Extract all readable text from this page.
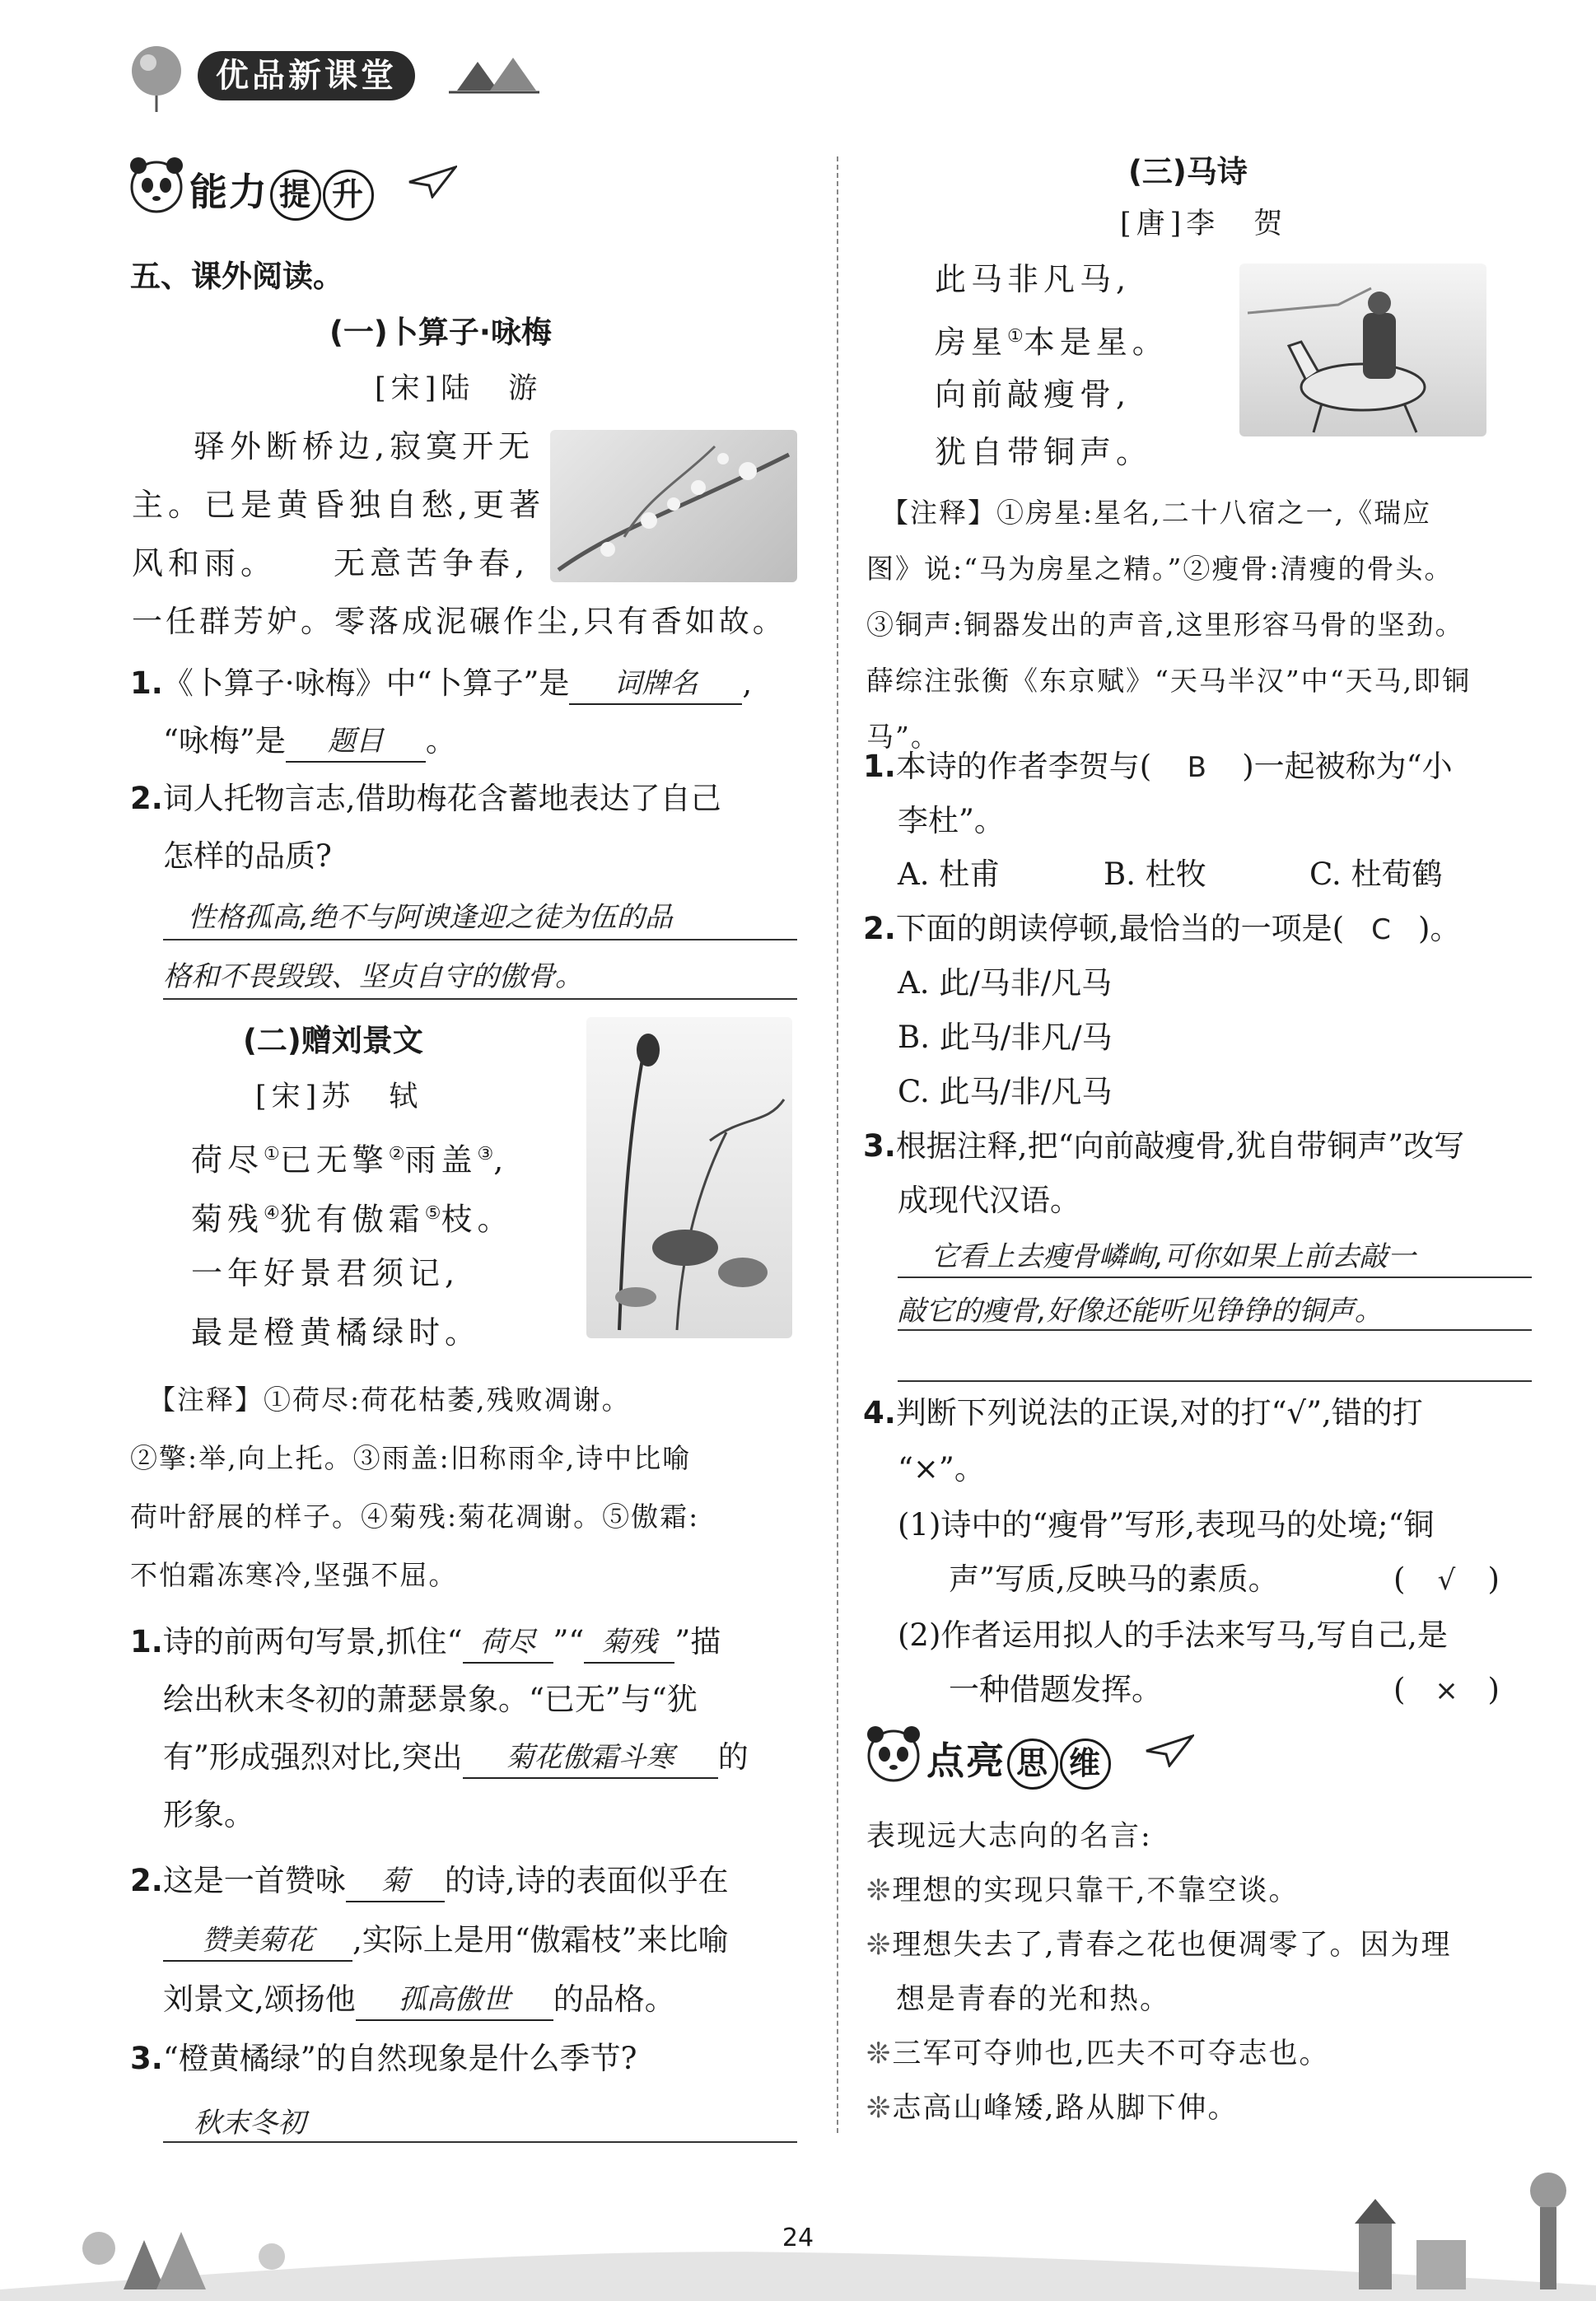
优品新课堂
能力 提 升
五、课外阅读。
(一)卜算子·咏梅
[宋]陆　游
驿外断桥边,寂寞开无
主。已是黄昏独自愁,更著
风和雨。　　无意苦争春,
一任群芳妒。零落成泥碾作尘,只有香如故。
1.《卜算子·咏梅》中“卜算子”是 词牌名 ,
“咏梅”是 题目 。
2.词人托物言志,借助梅花含蓄地表达了自己
怎样的品质?
性格孤高,绝不与阿谀逢迎之徒为伍的品
格和不畏毁毁、坚贞自守的傲骨。
(二)赠刘景文
[宋]苏　轼
荷尽①已无擎②雨盖③,
菊残④犹有傲霜⑤枝。
一年好景君须记,
最是橙黄橘绿时。
【注释】①荷尽:荷花枯萎,残败凋谢。
②擎:举,向上托。③雨盖:旧称雨伞,诗中比喻
荷叶舒展的样子。④菊残:菊花凋谢。⑤傲霜:
不怕霜冻寒冷,坚强不屈。
1.诗的前两句写景,抓住“ 荷尽 ”“ 菊残 ”描
绘出秋末冬初的萧瑟景象。“已无”与“犹
有”形成强烈对比,突出 菊花傲霜斗寒 的
形象。
2.这是一首赞咏 菊 的诗,诗的表面似乎在
赞美菊花 ,实际上是用“傲霜枝”来比喻
刘景文,颂扬他 孤高傲世 的品格。
3.“橙黄橘绿”的自然现象是什么季节?
秋末冬初
(三)马诗
[唐]李　贺
此马非凡马,
房星①本是星。
向前敲瘦骨,
犹自带铜声。
【注释】①房星:星名,二十八宿之一,《瑞应
图》说:“马为房星之精。”②瘦骨:清瘦的骨头。
③铜声:铜器发出的声音,这里形容马骨的坚劲。
薛综注张衡《东京赋》“天马半汉”中“天马,即铜
马”。
1.本诗的作者李贺与( B )一起被称为“小
李杜”。
A. 杜甫	B. 杜牧	C. 杜荀鹤
2.下面的朗读停顿,最恰当的一项是( C )。
A. 此/马非/凡马
B. 此马/非凡/马
C. 此马/非/凡马
3.根据注释,把“向前敲瘦骨,犹自带铜声”改写
成现代汉语。
它看上去瘦骨嶙峋,可你如果上前去敲一
敲它的瘦骨,好像还能听见铮铮的铜声。
4.判断下列说法的正误,对的打“√”,错的打
“×”。
(1)诗中的“瘦骨”写形,表现马的处境;“铜
声”写质,反映马的素质。	( √ )
(2)作者运用拟人的手法来写马,写自己,是
一种借题发挥。	( × )
点亮 思 维
表现远大志向的名言:
❊理想的实现只靠干,不靠空谈。
❊理想失去了,青春之花也便凋零了。因为理
想是青春的光和热。
❊三军可夺帅也,匹夫不可夺志也。
❊志高山峰矮,路从脚下伸。
24
